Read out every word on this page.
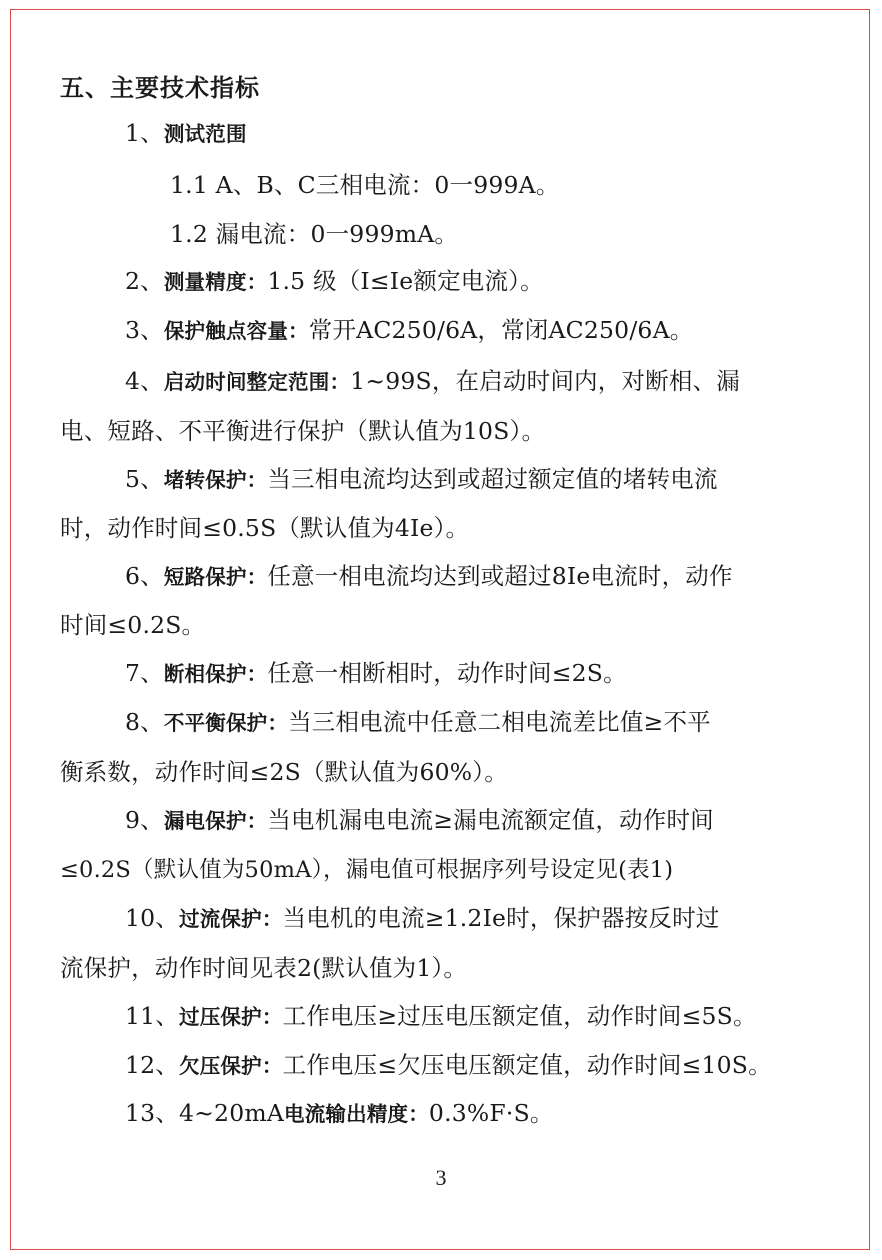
五、主要技术指标
1、测试范围
1.1 A、B、C三相电流：0一999A。
1.2 漏电流：0一999mA。
2、测量精度：1.5 级（I≤Ie额定电流）。
3、保护触点容量：常开AC250/6A，常闭AC250/6A。
4、启动时间整定范围：1~99S，在启动时间内，对断相、漏
电、短路、不平衡进行保护（默认值为10S）。
5、堵转保护：当三相电流均达到或超过额定值的堵转电流
时，动作时间≤0.5S（默认值为4Ie）。
6、短路保护：任意一相电流均达到或超过8Ie电流时，动作
时间≤0.2S。
7、断相保护：任意一相断相时，动作时间≤2S。
8、不平衡保护：当三相电流中任意二相电流差比值≥不平
衡系数，动作时间≤2S（默认值为60%）。
9、漏电保护：当电机漏电电流≥漏电流额定值，动作时间
≤0.2S（默认值为50mA），漏电值可根据序列号设定见(表1)
10、过流保护：当电机的电流≥1.2Ie时，保护器按反时过
流保护，动作时间见表2(默认值为1）。
11、过压保护：工作电压≥过压电压额定值，动作时间≤5S。
12、欠压保护：工作电压≤欠压电压额定值，动作时间≤10S。
13、4~20mA电流输出精度：0.3%F·S。
3
